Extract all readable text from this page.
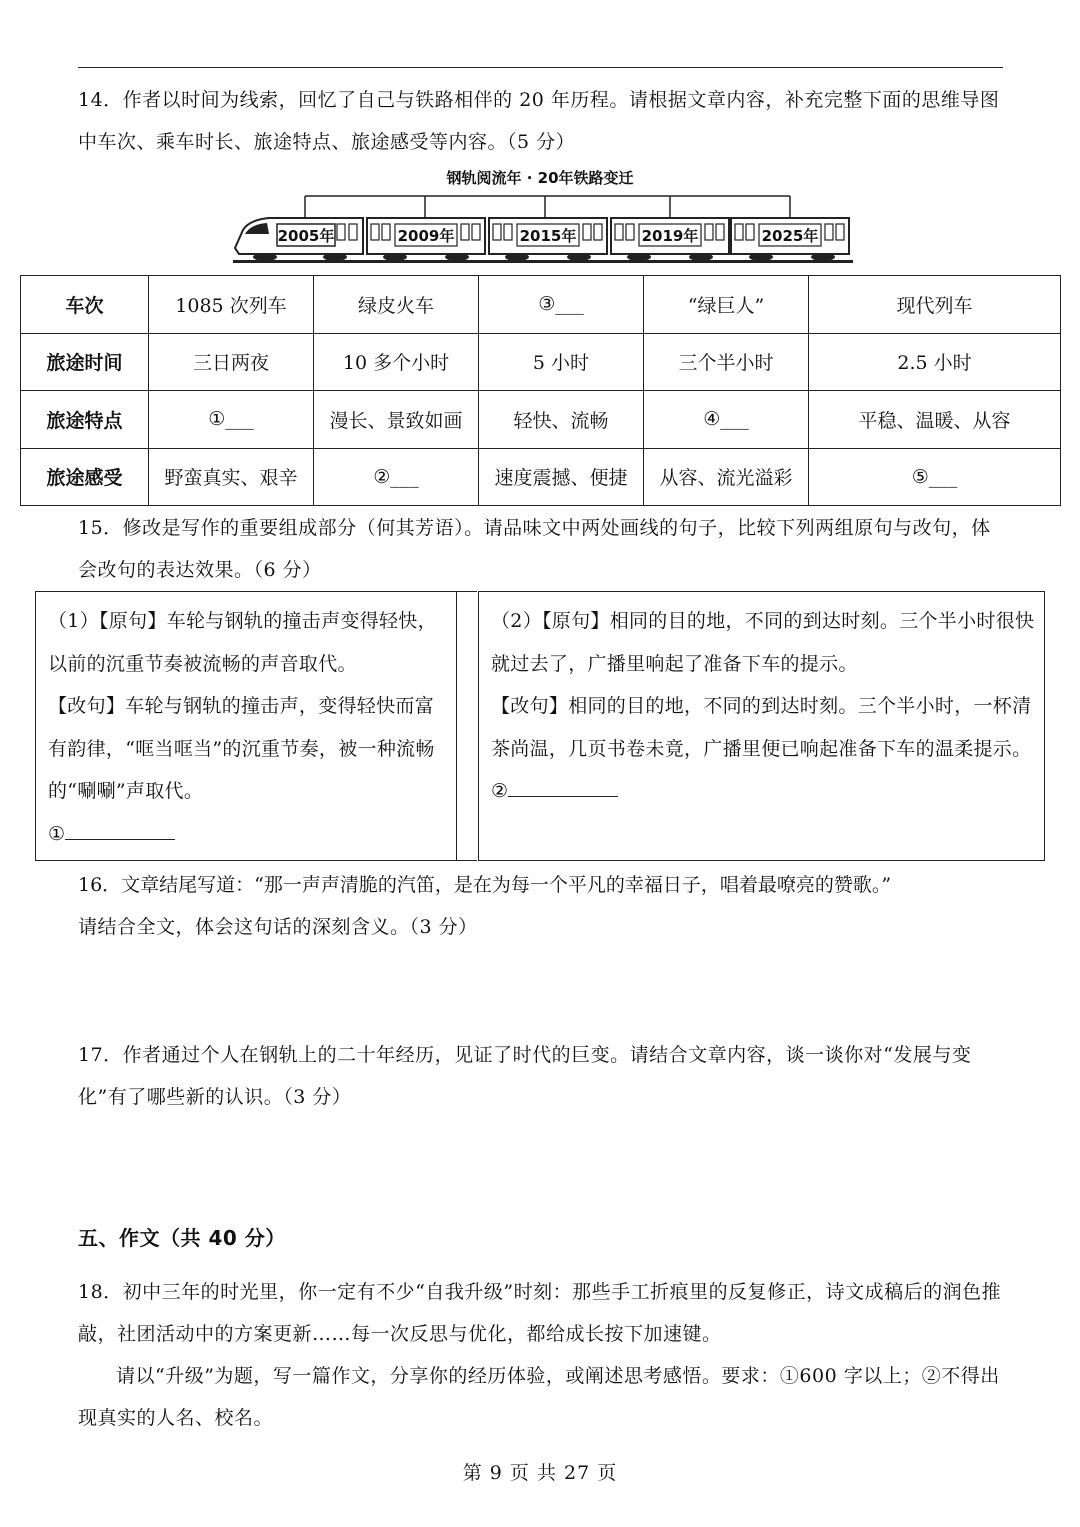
14．作者以时间为线索，回忆了自己与铁路相伴的 20 年历程。请根据文章内容，补充完整下面的思维导图中车次、乘车时长、旅途特点、旅途感受等内容。（5 分）
钢轨阅流年 · 20年铁路变迁
2005年	2009年	2015年	2019年	2025年
车次	1085 次列车	绿皮火车	③___	“绿巨人”	现代列车
旅途时间	三日两夜	10 多个小时	5 小时	三个半小时	2.5 小时
旅途特点	①___	漫长、景致如画	轻快、流畅	④___	平稳、温暖、从容
旅途感受	野蛮真实、艰辛	②___	速度震撼、便捷	从容、流光溢彩	⑤___
15．修改是写作的重要组成部分（何其芳语）。请品味文中两处画线的句子，比较下列两组原句与改句，体会改句的表达效果。（6 分）
（1）【原句】车轮与钢轨的撞击声变得轻快，以前的沉重节奏被流畅的声音取代。
【改句】车轮与钢轨的撞击声，变得轻快而富有韵律，“哐当哐当”的沉重节奏，被一种流畅的“唰唰”声取代。
①
（2）【原句】相同的目的地，不同的到达时刻。三个半小时很快就过去了，广播里响起了准备下车的提示。
【改句】相同的目的地，不同的到达时刻。三个半小时，一杯清茶尚温，几页书卷未竟，广播里便已响起准备下车的温柔提示。
②
16．文章结尾写道：“那一声声清脆的汽笛，是在为每一个平凡的幸福日子，唱着最嘹亮的赞歌。”
请结合全文，体会这句话的深刻含义。（3 分）
17．作者通过个人在钢轨上的二十年经历，见证了时代的巨变。请结合文章内容，谈一谈你对“发展与变化”有了哪些新的认识。（3 分）
五、作文（共 40 分）
18．初中三年的时光里，你一定有不少“自我升级”时刻：那些手工折痕里的反复修正，诗文成稿后的润色推敲，社团活动中的方案更新……每一次反思与优化，都给成长按下加速键。
请以“升级”为题，写一篇作文，分享你的经历体验，或阐述思考感悟。要求：①600 字以上；②不得出现真实的人名、校名。
第 9 页 共 27 页
